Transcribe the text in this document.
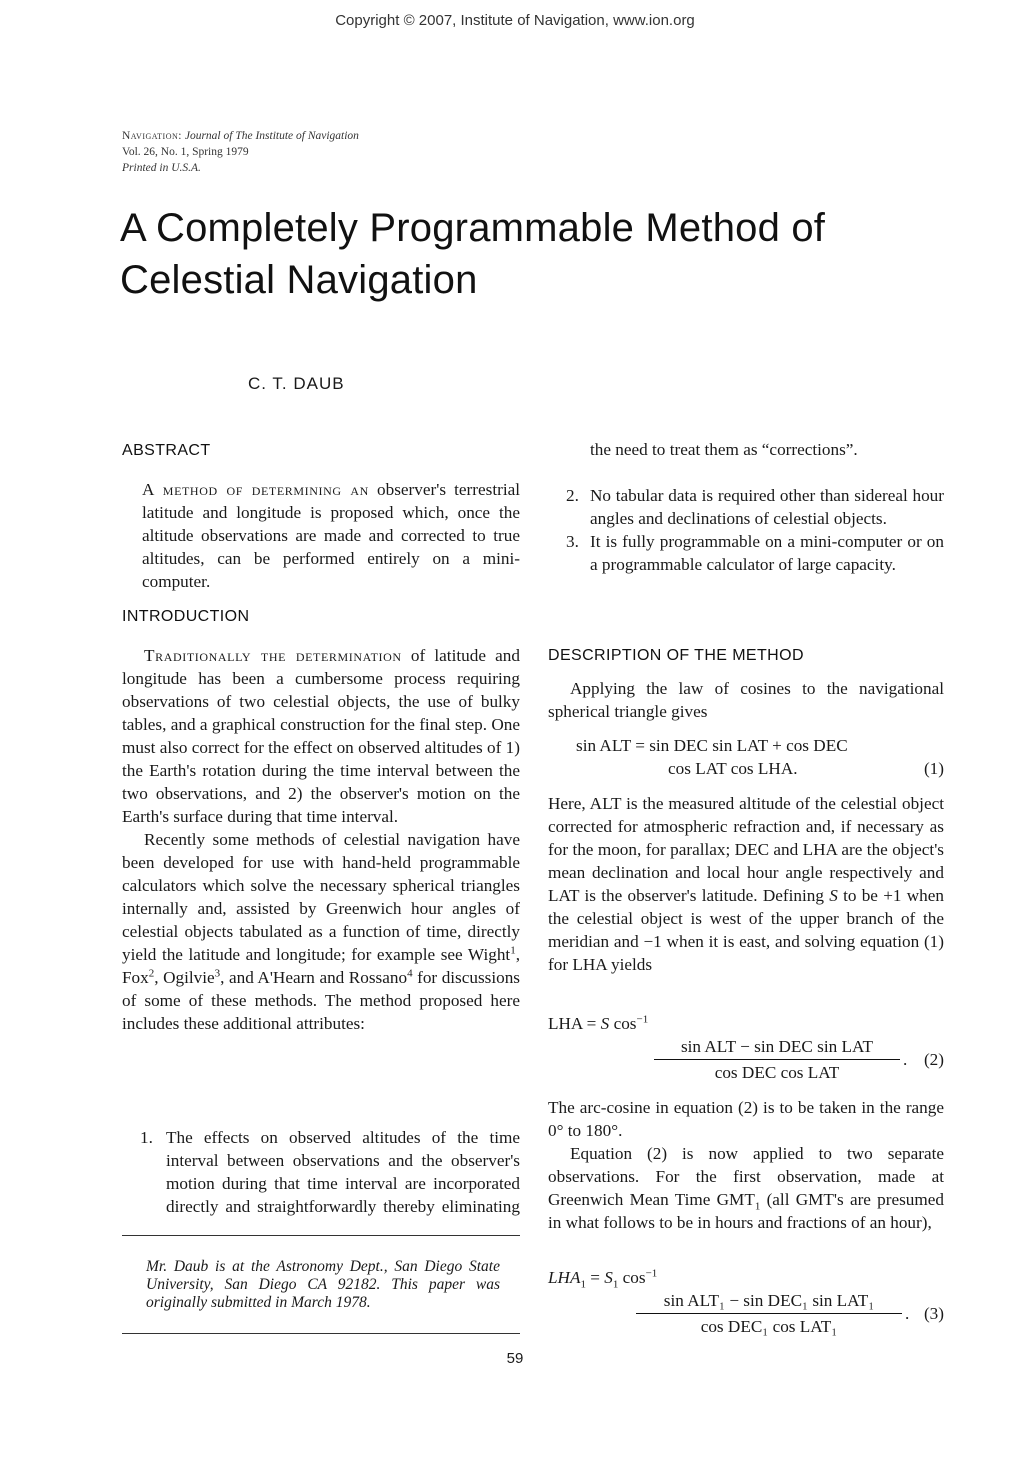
Copyright © 2007, Institute of Navigation, www.ion.org
Navigation: Journal of The Institute of Navigation
Vol. 26, No. 1, Spring 1979
Printed in U.S.A.
A Completely Programmable Method of
Celestial Navigation
C. T. DAUB
ABSTRACT

A method of determining an observer's terrestrial latitude and longitude is proposed which, once the altitude observations are made and corrected to true altitudes, can be performed entirely on a mini-computer.

INTRODUCTION

Traditionally the determination of latitude and longitude has been a cumbersome process requiring observations of two celestial objects, the use of bulky tables, and a graphical construction for the final step. One must also correct for the effect on observed altitudes of 1) the Earth's rotation during the time interval between the two observations, and 2) the observer's motion on the Earth's surface during that time interval.

Recently some methods of celestial navigation have been developed for use with hand-held programmable calculators which solve the necessary spherical triangles internally and, assisted by Greenwich hour angles of celestial objects tabulated as a function of time, directly yield the latitude and longitude; for example see Wight$^1$, Fox$^2$, Ogilvie$^3$, and A'Hearn and Rossano$^4$ for discussions of some of these methods. The method proposed here includes these additional attributes:

1. The effects on observed altitudes of the time interval between observations and the observer's motion during that time interval are incorporated directly and straightforwardly thereby eliminating
Mr. Daub is at the Astronomy Dept., San Diego State University, San Diego CA 92182. This paper was originally submitted in March 1978.
the need to treat them as “corrections”.
2. No tabular data is required other than sidereal hour angles and declinations of celestial objects.
3. It is fully programmable on a mini-computer or on a programmable calculator of large capacity.
DESCRIPTION OF THE METHOD

Applying the law of cosines to the navigational spherical triangle gives

sin ALT = sin DEC sin LAT + cos DEC
cos LAT cos LHA.	(1)

Here, ALT is the measured altitude of the celestial object corrected for atmospheric refraction and, if necessary as for the moon, for parallax; DEC and LHA are the object's mean declination and local hour angle respectively and LAT is the observer's latitude. Defining S to be +1 when the celestial object is west of the upper branch of the meridian and −1 when it is east, and solving equation (1) for LHA yields

LHA = S $\cos^{-1}$
sin ALT − sin DEC sin LAT
cos DEC cos LAT
. (2)

The arc-cosine in equation (2) is to be taken in the range 0° to 180°.

Equation (2) is now applied to two separate observations. For the first observation, made at Greenwich Mean Time $GMT_1$ (all GMT's are presumed in what follows to be in hours and fractions of an hour),

$LHA_1 = S_1$ $\cos^{-1}$
sin ALT₁ − sin DEC₁ sin LAT₁
cos DEC₁ cos LAT₁
. (3)
59
